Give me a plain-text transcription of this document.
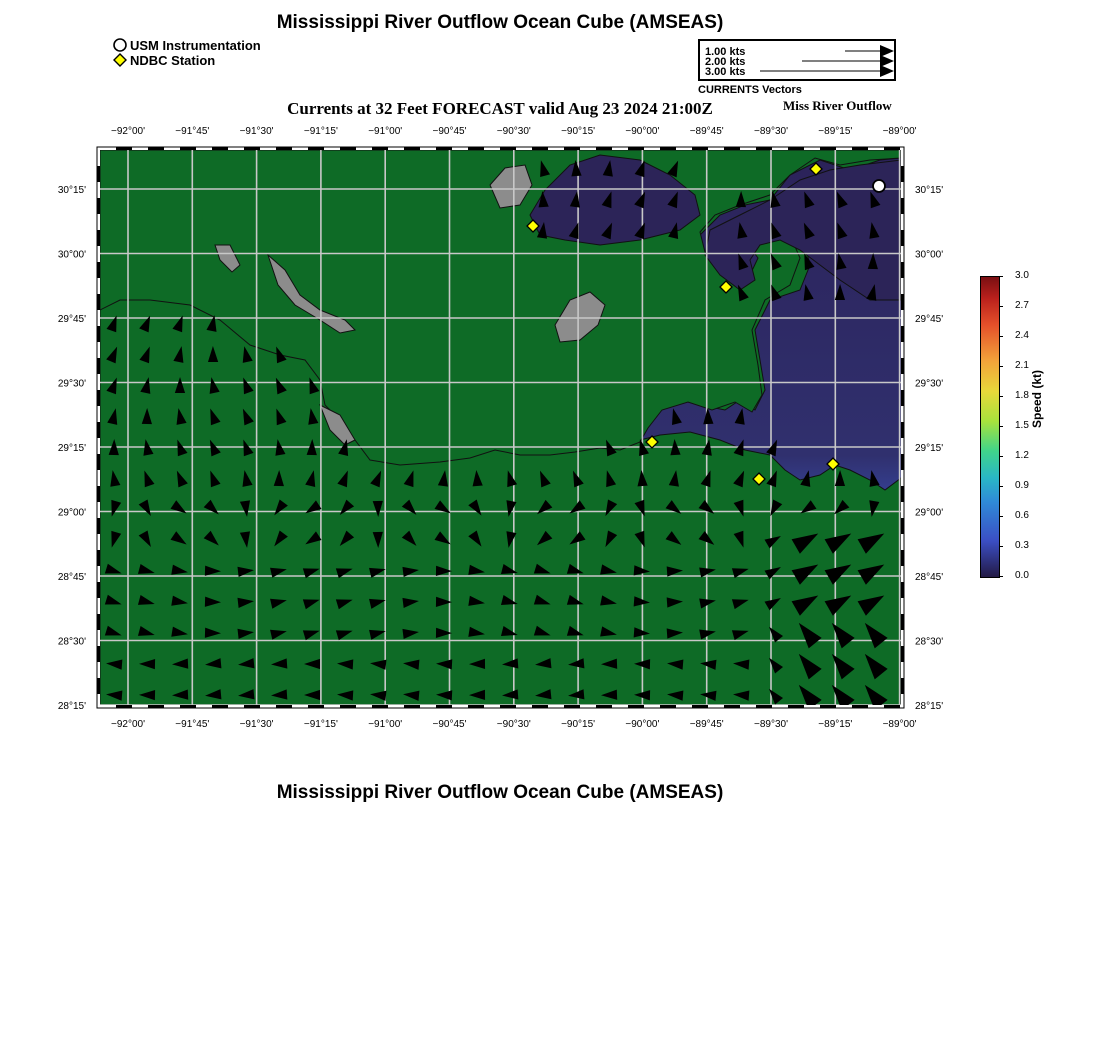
Mississippi River Outflow Ocean Cube (AMSEAS)
USM Instrumentation
NDBC Station
1.00 kts
2.00 kts
3.00 kts
CURRENTS Vectors
Currents at 32 Feet FORECAST valid Aug 23 2024 21:00Z	Miss River Outflow
−92°00'	−91°45'	−91°30'	−91°15'	−91°00'	−90°45'	−90°30'	−90°15'	−90°00'	−89°45'	−89°30'	−89°15'	−89°00'
−92°00'	−91°45'	−91°30'	−91°15'	−91°00'	−90°45'	−90°30'	−90°15'	−90°00'	−89°45'	−89°30'	−89°15'	−89°00'
30°15'
30°00'
29°45'
29°30'
29°15'
29°00'
28°45'
28°30'
28°15'
30°15'
30°00'
29°45'
29°30'
29°15'
29°00'
28°45'
28°30'
28°15'
3.0
2.7
2.4
2.1
1.8
1.5
1.2
0.9
0.6
0.3
0.0
Speed (kt)
Mississippi River Outflow Ocean Cube (AMSEAS)
